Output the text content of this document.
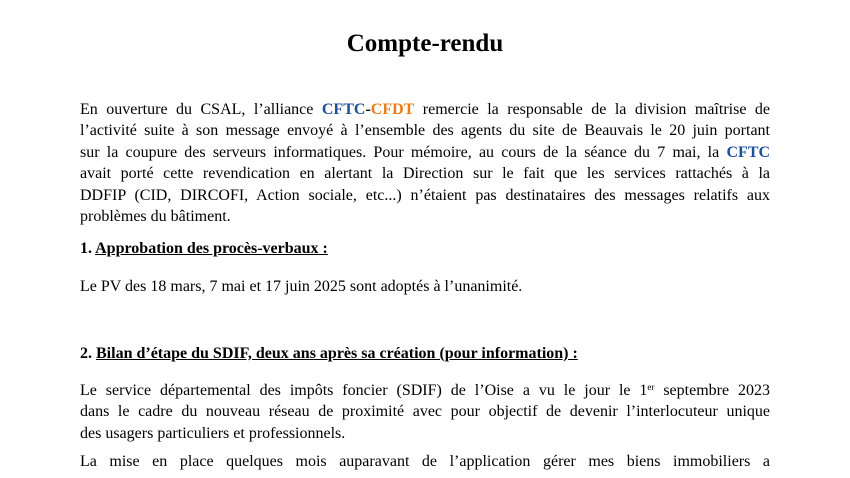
Compte-rendu
En ouverture du CSAL, l’alliance CFTC-CFDT remercie la responsable de la division maîtrise de
l’activité suite à son message envoyé à l’ensemble des agents du site de Beauvais le 20 juin portant
sur la coupure des serveurs informatiques. Pour mémoire, au cours de la séance du 7 mai, la CFTC
avait porté cette revendication en alertant la Direction sur le fait que les services rattachés à la
DDFIP (CID, DIRCOFI, Action sociale, etc...) n’étaient pas destinataires des messages relatifs aux
problèmes du bâtiment.
1. Approbation des procès-verbaux :
Le PV des 18 mars, 7 mai et 17 juin 2025 sont adoptés à l’unanimité.
2. Bilan d’étape du SDIF, deux ans après sa création (pour information) :
Le service départemental des impôts foncier (SDIF) de l’Oise a vu le jour le 1er septembre 2023
dans le cadre du nouveau réseau de proximité avec pour objectif de devenir l’interlocuteur unique
des usagers particuliers et professionnels.
La mise en place quelques mois auparavant de l’application gérer mes biens immobiliers a
